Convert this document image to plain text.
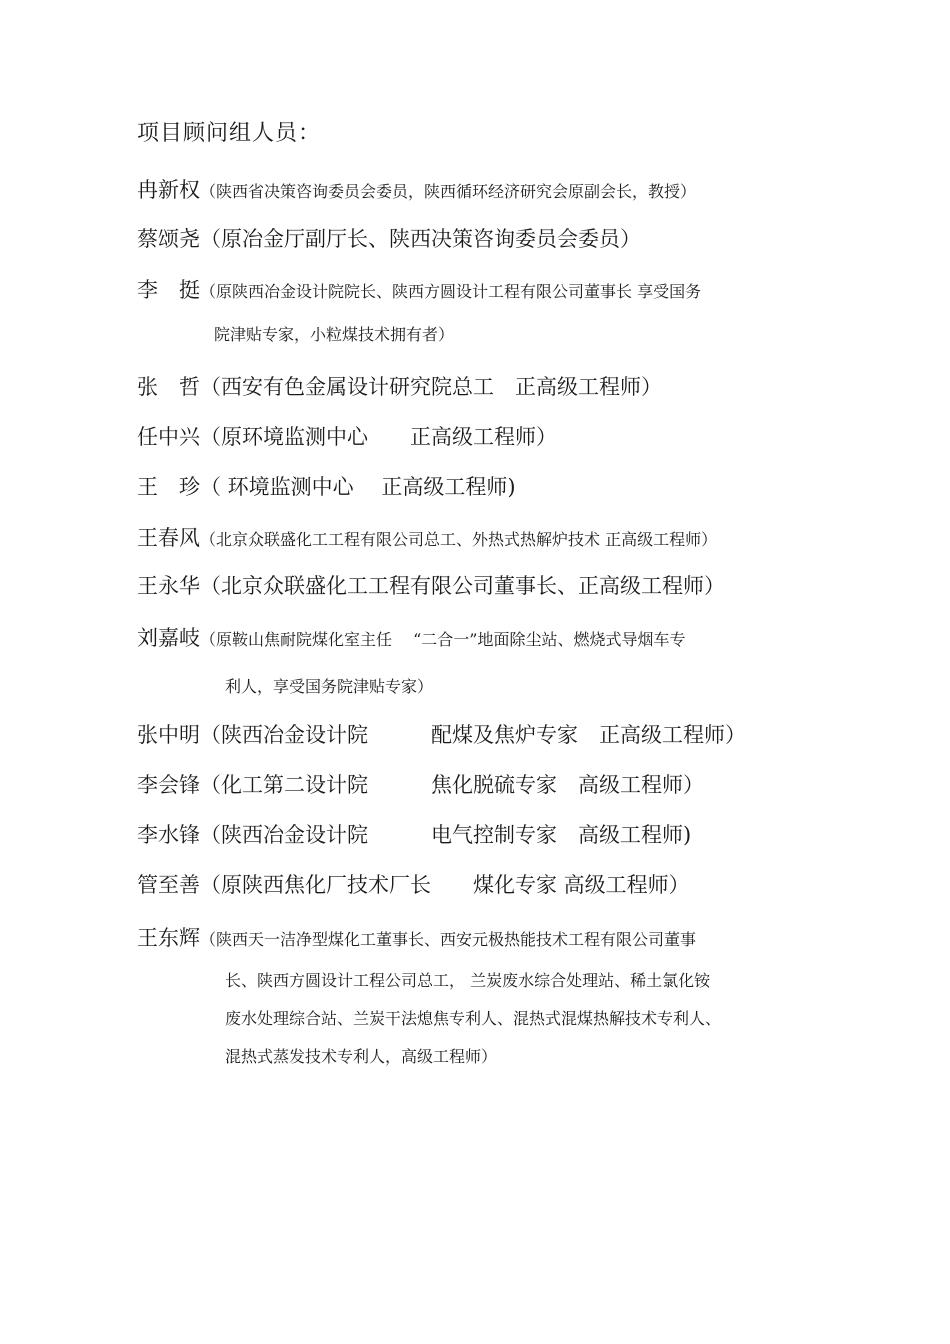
项目顾问组人员：
冉新权（陕西省决策咨询委员会委员，陕西循环经济研究会原副会长，教授）
蔡颂尧（原冶金厅副厅长、陕西决策咨询委员会委员）
李　挺（原陕西冶金设计院院长、陕西方圆设计工程有限公司董事长 享受国务
院津贴专家，小粒煤技术拥有者）
张　哲（西安有色金属设计研究院总工　正高级工程师）
任中兴（原环境监测中心　　正高级工程师）
王　珍（ 环境监测中心　 正高级工程师)
王春风（北京众联盛化工工程有限公司总工、外热式热解炉技术 正高级工程师）
王永华（北京众联盛化工工程有限公司董事长、正高级工程师）
刘嘉岐（原鞍山焦耐院煤化室主任　 “二合一”地面除尘站、燃烧式导烟车专
利人，享受国务院津贴专家）
张中明（陕西冶金设计院　　　配煤及焦炉专家　正高级工程师）
李会锋（化工第二设计院　　　焦化脱硫专家　高级工程师）
李水锋（陕西冶金设计院　　　电气控制专家　高级工程师)
管至善（原陕西焦化厂技术厂长　　煤化专家 高级工程师）
王东辉（陕西天一洁净型煤化工董事长、西安元极热能技术工程有限公司董事
长、陕西方圆设计工程公司总工， 兰炭废水综合处理站、稀土氯化铵
废水处理综合站、兰炭干法熄焦专利人、混热式混煤热解技术专利人、
混热式蒸发技术专利人，高级工程师）
